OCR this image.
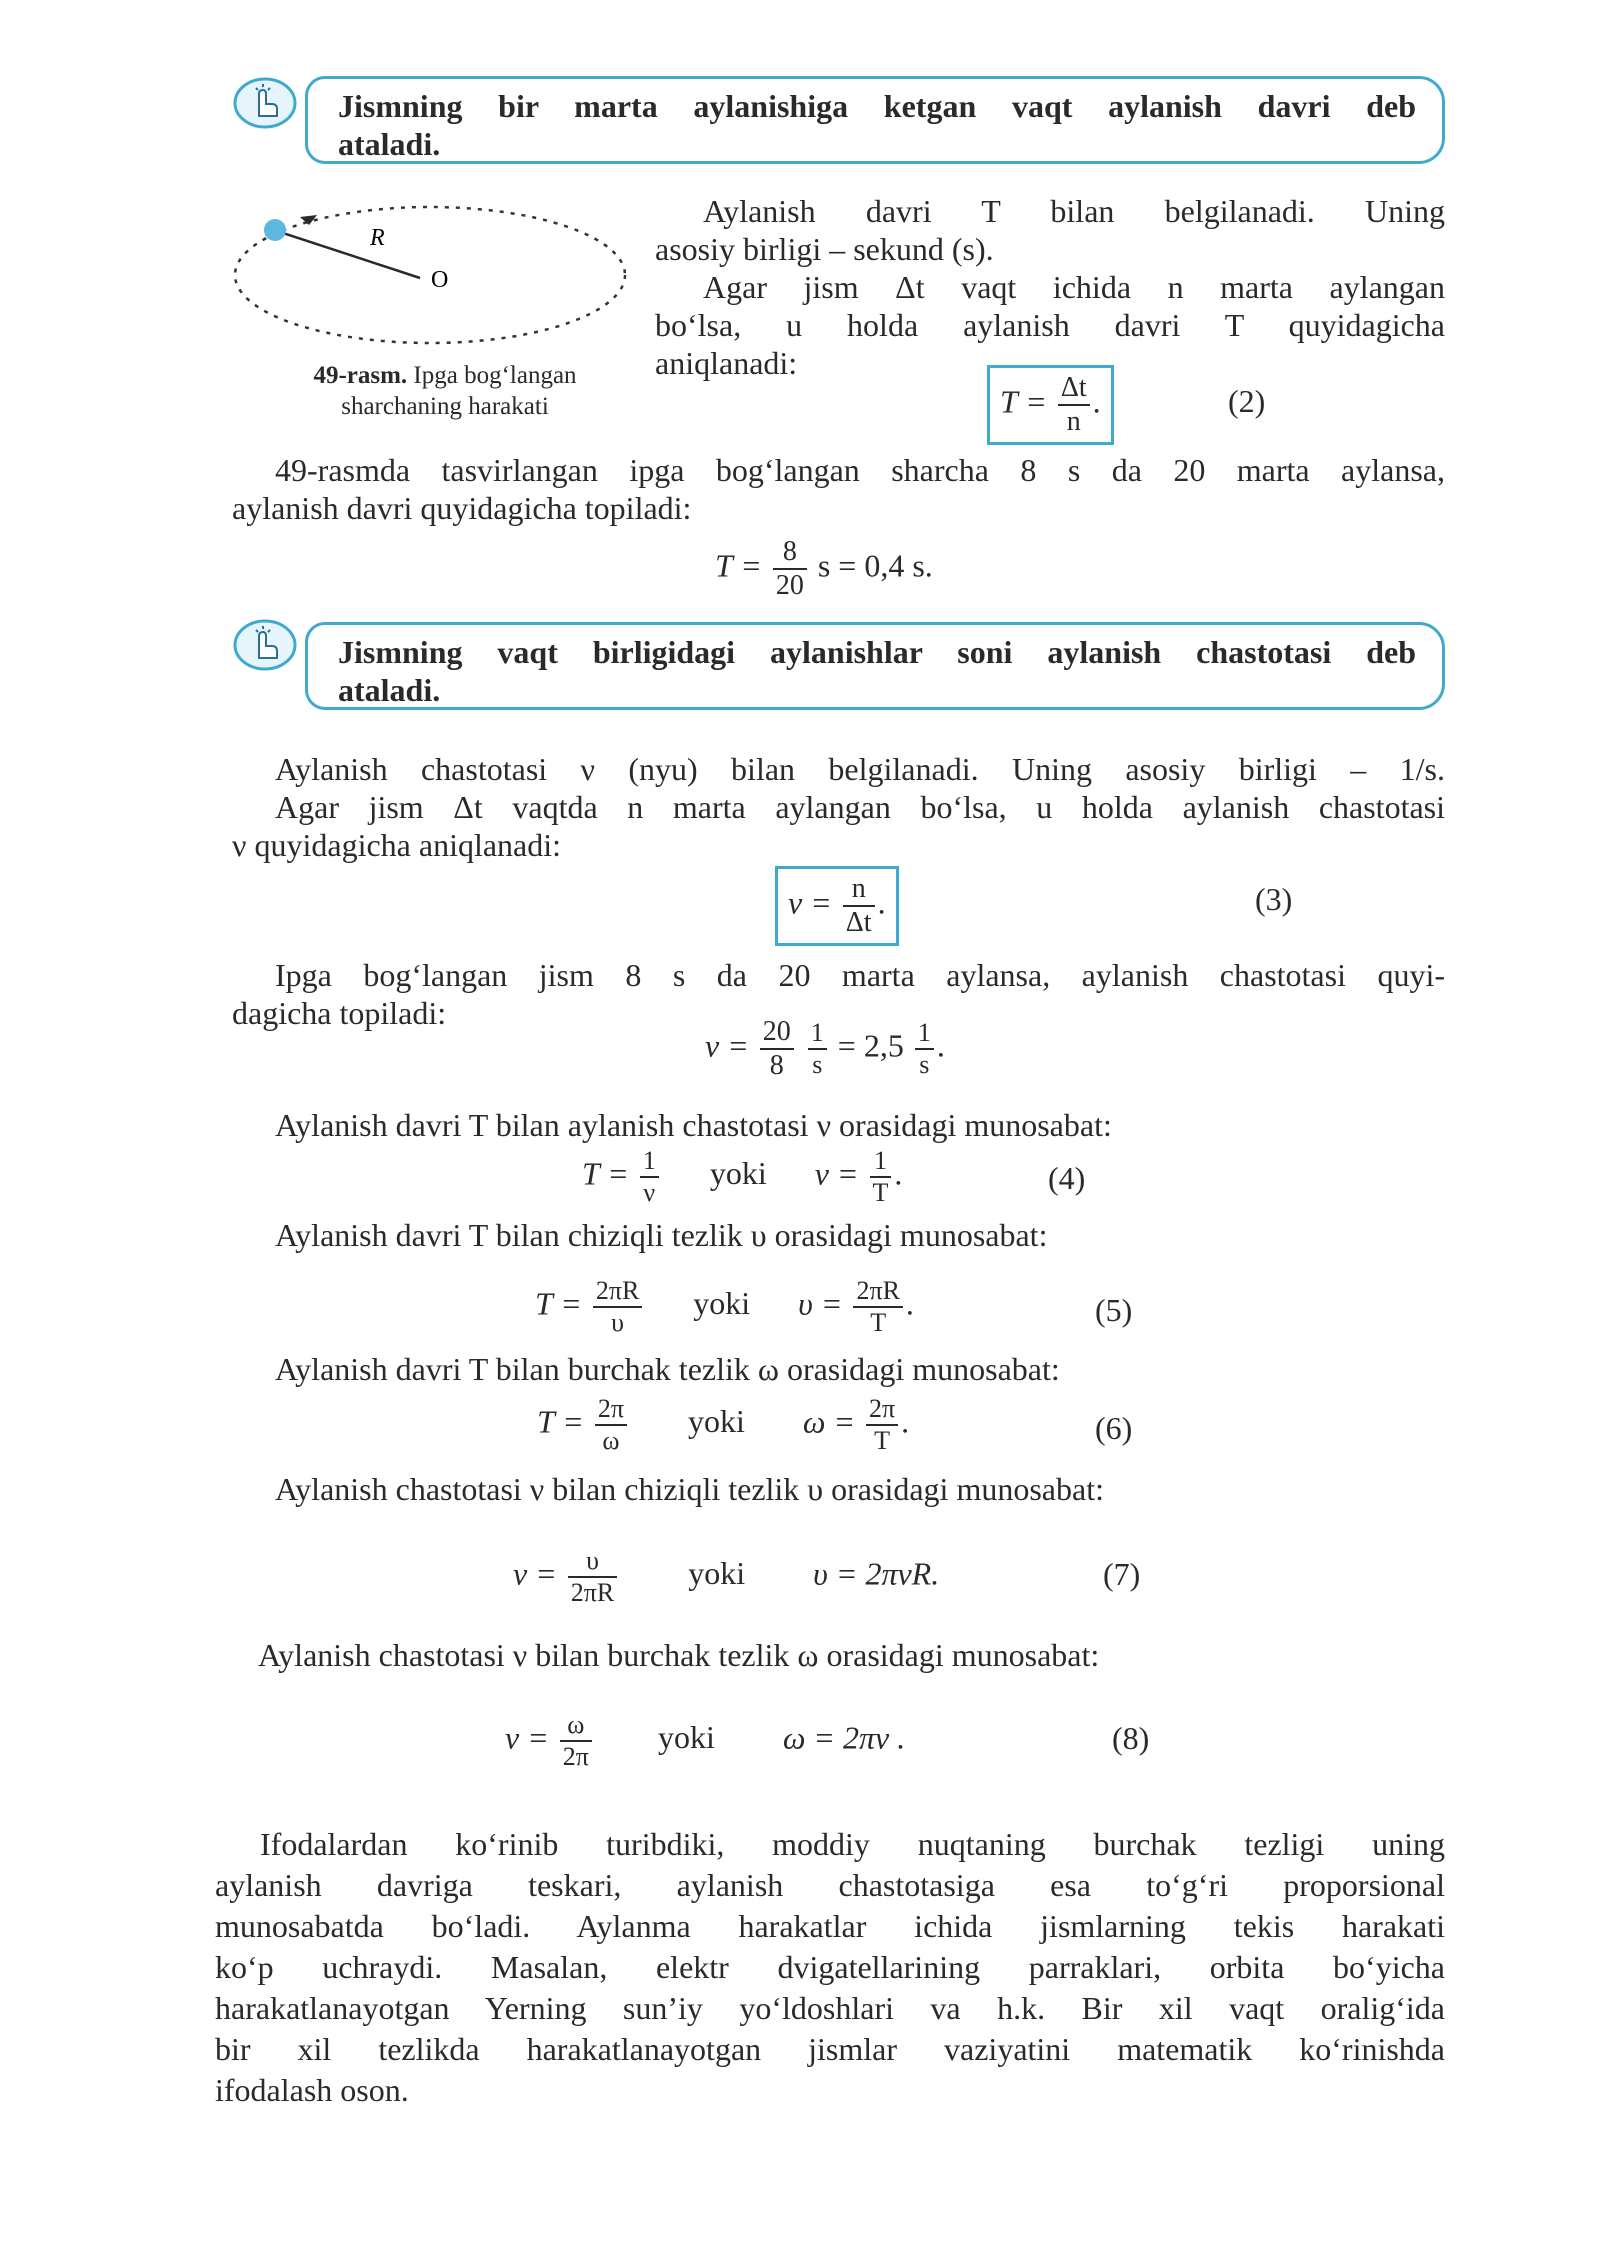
Jismning bir marta aylanishiga ketgan vaqt aylanish davri deb
ataladi.
R
O
49-rasm. Ipga bog‘langan
sharchaning harakati
Aylanish davri T bilan belgilanadi. Uning
asosiy birligi – sekund (s).
Agar jism Δt vaqt ichida n marta aylangan
bo‘lsa, u holda aylanish davri T quyidagicha
aniqlanadi:
$T = \frac{\Delta t}{n}$ .	(2)
49-rasmda tasvirlangan ipga bog‘langan sharcha 8 s da 20 marta aylansa,
aylanish davri quyidagicha topiladi:
$T = \frac{8}{20}$ s = 0,4 s.
Jismning vaqt birligidagi aylanishlar soni aylanish chastotasi deb
ataladi.
Aylanish chastotasi ν (nyu) bilan belgilanadi. Uning asosiy birligi – 1/s.
Agar jism Δt vaqtda n marta aylangan bo‘lsa, u holda aylanish chastotasi
ν quyidagicha aniqlanadi:
$\nu = \frac{n}{\Delta t}$ .	(3)
Ipga bog‘langan jism 8 s da 20 marta aylansa, aylanish chastotasi quyi-
dagicha topiladi:
$\nu = \frac{20}{8}$
$\frac{1}{s} = 2,5 \frac{1}{s}$ .
Aylanish davri T bilan aylanish chastotasi ν orasidagi munosabat:
$T = \frac{1}{\nu}$ yoki $\nu = \frac{1}{T}$ .	(4)
Aylanish davri T bilan chiziqli tezlik υ orasidagi munosabat:
$T = \frac{2\pi R}{\upsilon}$ yoki $\upsilon = \frac{2\pi R}{T}$ .	(5)
Aylanish davri T bilan burchak tezlik ω orasidagi munosabat:
$T = \frac{2\pi}{\omega}$ yoki $\omega = \frac{2\pi}{T}$ .	(6)
Aylanish chastotasi ν bilan chiziqli tezlik υ orasidagi munosabat:
$\nu = \frac{\upsilon}{2\pi R}$ yoki υ = 2πνR.	(7)
Aylanish chastotasi ν bilan burchak tezlik ω orasidagi munosabat:
$\nu = \frac{\omega}{2\pi}$ yoki ω = 2πν .	(8)
Ifodalardan ko‘rinib turibdiki, moddiy nuqtaning burchak tezligi uning
aylanish davriga teskari, aylanish chastotasiga esa to‘g‘ri proporsional
munosabatda bo‘ladi. Aylanma harakatlar ichida jismlarning tekis harakati
ko‘p uchraydi. Masalan, elektr dvigatellarining parraklari, orbita bo‘yicha
harakatlanayotgan Yerning sun’iy yo‘ldoshlari va h.k. Bir xil vaqt oralig‘ida
bir xil tezlikda harakatlanayotgan jismlar vaziyatini matematik ko‘rinishda
ifodalash oson.
